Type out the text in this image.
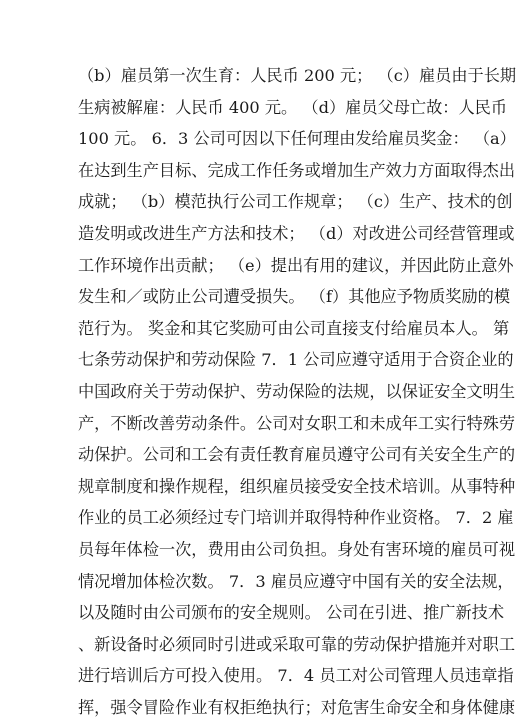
（b）雇员第一次生育：人民币 200 元； （c）雇员由于长期
生病被解雇：人民币 400 元。 （d）雇员父母亡故：人民币
100 元。 6．3 公司可因以下任何理由发给雇员奖金： （a）
在达到生产目标、完成工作任务或增加生产效力方面取得杰出
成就； （b）模范执行公司工作规章； （c）生产、技术的创
造发明或改进生产方法和技术； （d）对改进公司经营管理或
工作环境作出贡献； （e）提出有用的建议，并因此防止意外
发生和／或防止公司遭受损失。 （f）其他应予物质奖励的模
范行为。 奖金和其它奖励可由公司直接支付给雇员本人。 第
七条劳动保护和劳动保险 7．1 公司应遵守适用于合资企业的
中国政府关于劳动保护、劳动保险的法规，以保证安全文明生
产，不断改善劳动条件。公司对女职工和未成年工实行特殊劳
动保护。公司和工会有责任教育雇员遵守公司有关安全生产的
规章制度和操作规程，组织雇员接受安全技术培训。从事特种
作业的员工必须经过专门培训并取得特种作业资格。 7．2 雇
员每年体检一次，费用由公司负担。身处有害环境的雇员可视
情况增加体检次数。 7．3 雇员应遵守中国有关的安全法规，
以及随时由公司颁布的安全规则。 公司在引进、推广新技术
、新设备时必须同时引进或采取可靠的劳动保护措施并对职工
进行培训后方可投入使用。 7．4 员工对公司管理人员违章指
挥，强令冒险作业有权拒绝执行；对危害生命安全和身体健康
